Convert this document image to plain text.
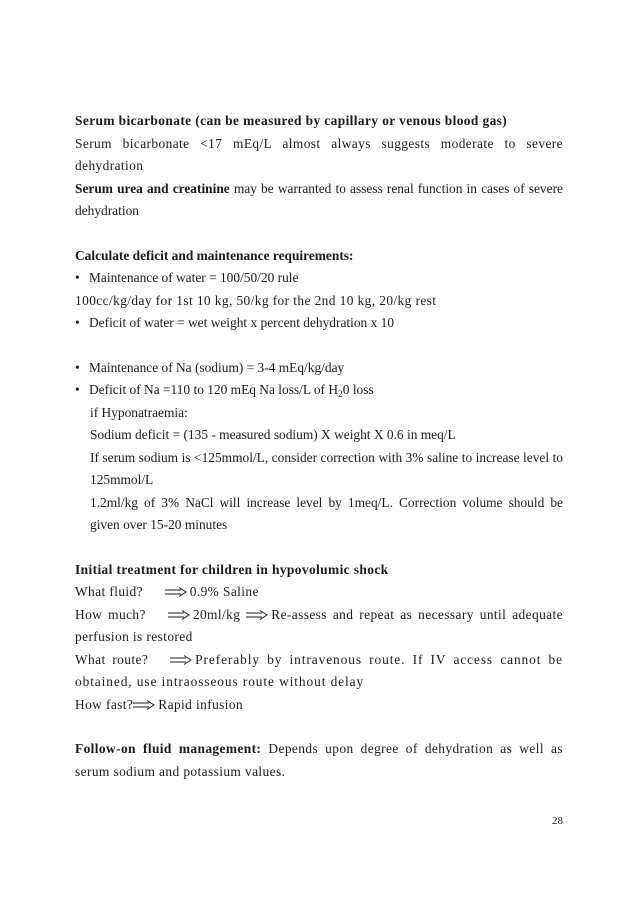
Serum bicarbonate (can be measured by capillary or venous blood gas)

Serum bicarbonate <17 mEq/L almost always suggests moderate to severe dehydration

Serum urea and creatinine may be warranted to assess renal function in cases of severe dehydration

Calculate deficit and maintenance requirements:

• Maintenance of water = 100/50/20 rule

100cc/kg/day for 1st 10 kg, 50/kg for the 2nd 10 kg, 20/kg rest

• Deficit of water = wet weight x percent dehydration x 10

• Maintenance of Na (sodium) = 3-4 mEq/kg/day

• Deficit of Na =110 to 120 mEq Na loss/L of $H_20$ loss

if Hyponatraemia:

Sodium deficit = (135 - measured sodium) X weight X 0.6 in meq/L

If serum sodium is <125mmol/L, consider correction with 3% saline to increase level to 125mmol/L

1.2ml/kg of 3% NaCl will increase level by 1meq/L. Correction volume should be given over 15-20 minutes

Initial treatment for children in hypovolumic shock

What fluid?	0.9% Saline

How much?	20ml/kg Re-assess and repeat as necessary until adequate perfusion is restored

What route?	Preferably by intravenous route. If IV access cannot be obtained, use intraosseous route without delay

How fast? Rapid infusion

Follow-on fluid management: Depends upon degree of dehydration as well as serum sodium and potassium values.

28
